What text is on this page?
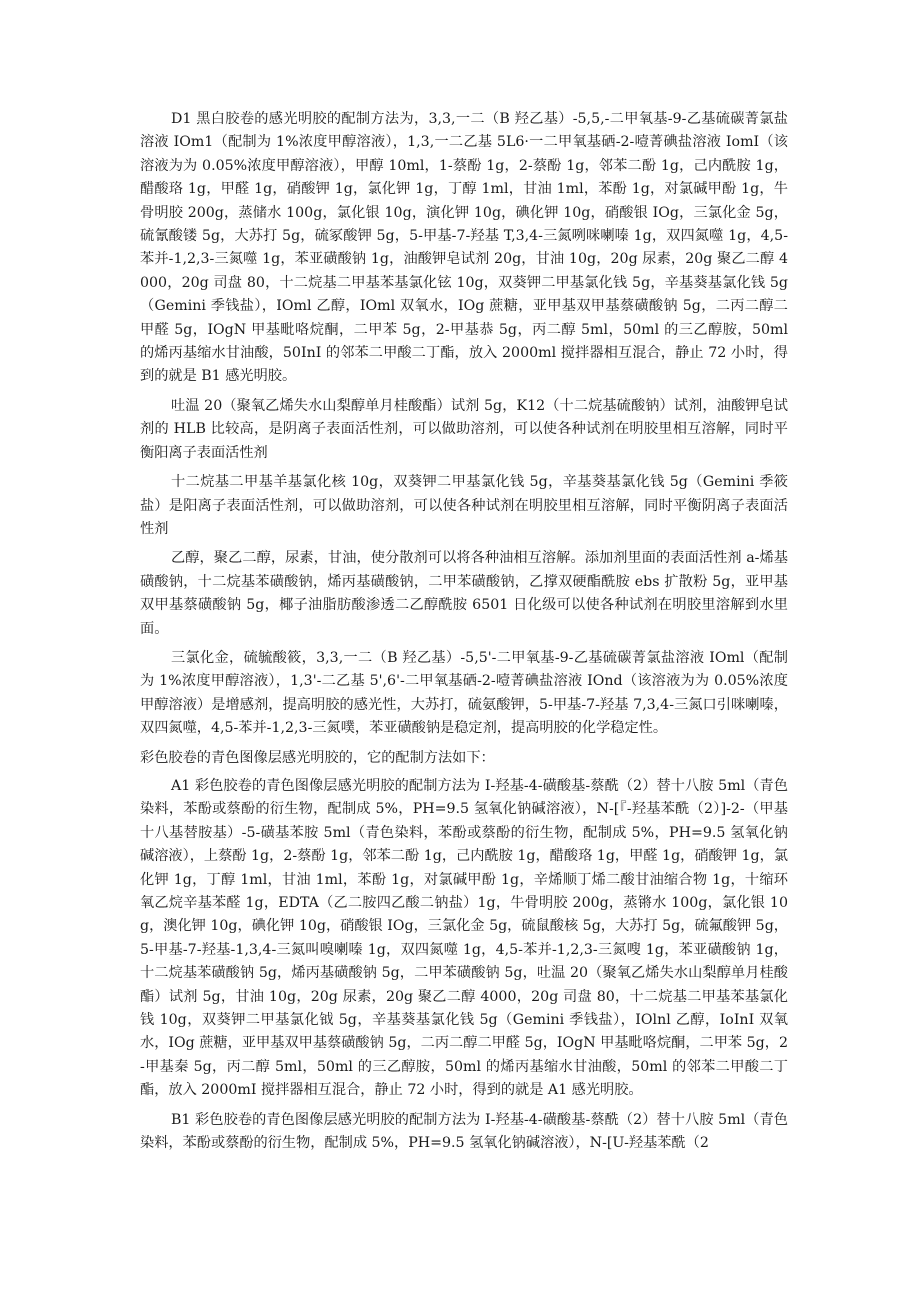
D1 黑白胶卷的感光明胶的配制方法为，3,3,一二（B 羟乙基）-5,5,-二甲氧基-9-乙基硫碳菁氯盐溶液 IOm1（配制为 1%浓度甲醇溶液），1,3,一二乙基 5L6·一二甲氧基硒-2-噎菁碘盐溶液 IomI（该溶液为为 0.05%浓度甲醇溶液），甲醇 10ml，1-蔡酚 1g，2-蔡酚 1g，邻苯二酚 1g，己内酰胺 1g，醋酸珞 1g，甲醛 1g，硝酸钾 1g，氯化钾 1g，丁醇 1ml，甘油 1ml，苯酚 1g，对氯碱甲酚 1g，牛骨明胶 200g，蒸储水 100g，氯化银 10g，演化钾 10g，碘化钾 10g，硝酸银 IOg，三氯化金 5g，硫氰酸镂 5g，大苏打 5g，硫冢酸钾 5g，5-甲基-7-羟基 T,3,4-三氮咧咪喇嗪 1g，双四氮噬 1g，4,5-苯并-1,2,3-三氮噬 1g，苯亚磺酸钠 1g，油酸钾皂试剂 20g，甘油 10g，20g 尿素，20g 聚乙二醇 4000，20g 司盘 80，十二烷基二甲基苯基氯化铉 10g，双葵钾二甲基氯化钱 5g，辛基葵基氯化钱 5g（Gemini 季钱盐），IOml 乙醇，IOml 双氧水，IOg 蔗糖，亚甲基双甲基蔡磺酸钠 5g，二丙二醇二甲醛 5g，IOgN 甲基毗咯烷酮，二甲苯 5g，2-甲基恭 5g，丙二醇 5ml，50ml 的三乙醇胺，50ml 的烯丙基缩水甘油酸，50InI 的邻苯二甲酸二丁酯，放入 2000ml 搅拌器相互混合，静止 72 小时，得到的就是 B1 感光明胶。

吐温 20（聚氧乙烯失水山梨醇单月桂酸酯）试剂 5g，K12（十二烷基硫酸钠）试剂，油酸钾皂试剂的 HLB 比较高，是阴离子表面活性剂，可以做助溶剂，可以使各种试剂在明胶里相互溶解，同时平衡阳离子表面活性剂

十二烷基二甲基羊基氯化核 10g，双葵钾二甲基氯化钱 5g，辛基葵基氯化钱 5g（Gemini 季筱盐）是阳离子表面活性剂，可以做助溶剂，可以使各种试剂在明胶里相互溶解，同时平衡阴离子表面活性剂

乙醇，聚乙二醇，尿素，甘油，使分散剂可以将各种油相互溶解。添加剂里面的表面活性剂 a-烯基磺酸钠，十二烷基苯磺酸钠，烯丙基磺酸钠，二甲苯磺酸钠，乙撑双硬酯酰胺 ebs 扩散粉 5g，亚甲基双甲基蔡磺酸钠 5g，椰子油脂肪酸渗透二乙醇酰胺 6501 日化级可以使各种试剂在明胶里溶解到水里面。

三氯化金，硫毓酸筱，3,3,一二（B 羟乙基）-5,5'-二甲氧基-9-乙基硫碳菁氯盐溶液 IOml（配制为 1%浓度甲醇溶液），1,3'-二乙基 5',6'-二甲氧基硒-2-噎菁碘盐溶液 IOnd（该溶液为为 0.05%浓度甲醇溶液）是增感剂，提高明胶的感光性，大苏打，硫氨酸钾，5-甲基-7-羟基 7,3,4-三氮口引咪喇嗪，双四氮噬，4,5-苯并-1,2,3-三氮噗，苯亚磺酸钠是稳定剂，提高明胶的化学稳定性。

彩色胶卷的青色图像层感光明胶的，它的配制方法如下：

A1 彩色胶卷的青色图像层感光明胶的配制方法为 I-羟基-4-磺酸基-蔡酰（2）替十八胺 5ml（青色染料，苯酚或蔡酚的衍生物，配制成 5%，PH=9.5 氢氧化钠碱溶液），N-[『-羟基苯酰（2）]-2-（甲基十八基替胺基）-5-磺基苯胺 5ml（青色染料，苯酚或蔡酚的衍生物，配制成 5%，PH=9.5 氢氧化钠碱溶液），上蔡酚 1g，2-蔡酚 1g，邻苯二酚 1g，己内酰胺 1g，醋酸珞 1g，甲醛 1g，硝酸钾 1g，氯化钾 1g，丁醇 1ml，甘油 1ml，苯酚 1g，对氯碱甲酚 1g，辛烯顺丁烯二酸甘油缩合物 1g，十缩环氧乙烷辛基苯醛 1g，EDTA（乙二胺四乙酸二钠盐）1g，牛骨明胶 200g，蒸锵水 100g，氯化银 10g，澳化钾 10g，碘化钾 10g，硝酸银 IOg，三氯化金 5g，硫鼠酸核 5g，大苏打 5g，硫氟酸钾 5g，5-甲基-7-羟基-1,3,4-三氮叫嗅喇嗪 1g，双四氮噬 1g，4,5-苯并-1,2,3-三氮嗖 1g，苯亚磺酸钠 1g，十二烷基苯磺酸钠 5g，烯丙基磺酸钠 5g，二甲苯磺酸钠 5g，吐温 20（聚氧乙烯失水山梨醇单月桂酸酯）试剂 5g，甘油 10g，20g 尿素，20g 聚乙二醇 4000，20g 司盘 80，十二烷基二甲基苯基氯化钱 10g，双葵钾二甲基氯化钺 5g，辛基葵基氯化钱 5g（Gemini 季钱盐），IOlnl 乙醇，IoInI 双氧水，IOg 蔗糖，亚甲基双甲基蔡磺酸钠 5g，二丙二醇二甲醛 5g，IOgN 甲基毗咯烷酮，二甲苯 5g，2-甲基秦 5g，丙二醇 5ml，50ml 的三乙醇胺，50ml 的烯丙基缩水甘油酸，50ml 的邻苯二甲酸二丁酯，放入 2000mI 搅拌器相互混合，静止 72 小时，得到的就是 A1 感光明胶。

B1 彩色胶卷的青色图像层感光明胶的配制方法为 I-羟基-4-磺酸基-蔡酰（2）替十八胺 5ml（青色染料，苯酚或蔡酚的衍生物，配制成 5%，PH=9.5 氢氧化钠碱溶液），N-[U-羟基苯酰（2
